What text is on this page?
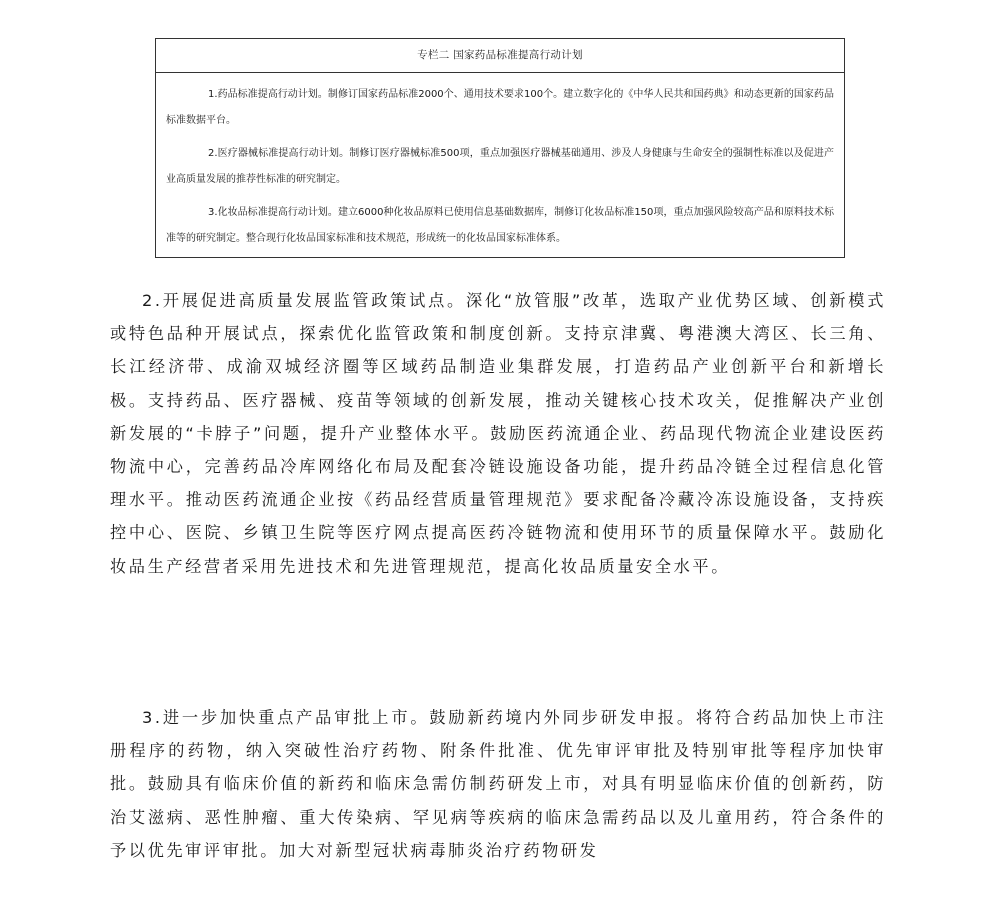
专栏二 国家药品标准提高行动计划

1.药品标准提高行动计划。制修订国家药品标准2000个、通用技术要求100个。建立数字化的《中华人民共和国药典》和动态更新的国家药品标准数据平台。

2.医疗器械标准提高行动计划。制修订医疗器械标准500项，重点加强医疗器械基础通用、涉及人身健康与生命安全的强制性标准以及促进产业高质量发展的推荐性标准的研究制定。

3.化妆品标准提高行动计划。建立6000种化妆品原料已使用信息基础数据库，制修订化妆品标准150项，重点加强风险较高产品和原料技术标准等的研究制定。整合现行化妆品国家标准和技术规范，形成统一的化妆品国家标准体系。

2.开展促进高质量发展监管政策试点。深化“放管服”改革，选取产业优势区域、创新模式或特色品种开展试点，探索优化监管政策和制度创新。支持京津冀、粤港澳大湾区、长三角、长江经济带、成渝双城经济圈等区域药品制造业集群发展，打造药品产业创新平台和新增长极。支持药品、医疗器械、疫苗等领域的创新发展，推动关键核心技术攻关，促推解决产业创新发展的“卡脖子”问题，提升产业整体水平。鼓励医药流通企业、药品现代物流企业建设医药物流中心，完善药品冷库网络化布局及配套冷链设施设备功能，提升药品冷链全过程信息化管理水平。推动医药流通企业按《药品经营质量管理规范》要求配备冷藏冷冻设施设备，支持疾控中心、医院、乡镇卫生院等医疗网点提高医药冷链物流和使用环节的质量保障水平。鼓励化妆品生产经营者采用先进技术和先进管理规范，提高化妆品质量安全水平。

3.进一步加快重点产品审批上市。鼓励新药境内外同步研发申报。将符合药品加快上市注册程序的药物，纳入突破性治疗药物、附条件批准、优先审评审批及特别审批等程序加快审批。鼓励具有临床价值的新药和临床急需仿制药研发上市，对具有明显临床价值的创新药，防治艾滋病、恶性肿瘤、重大传染病、罕见病等疾病的临床急需药品以及儿童用药，符合条件的予以优先审评审批。加大对新型冠状病毒肺炎治疗药物研发
